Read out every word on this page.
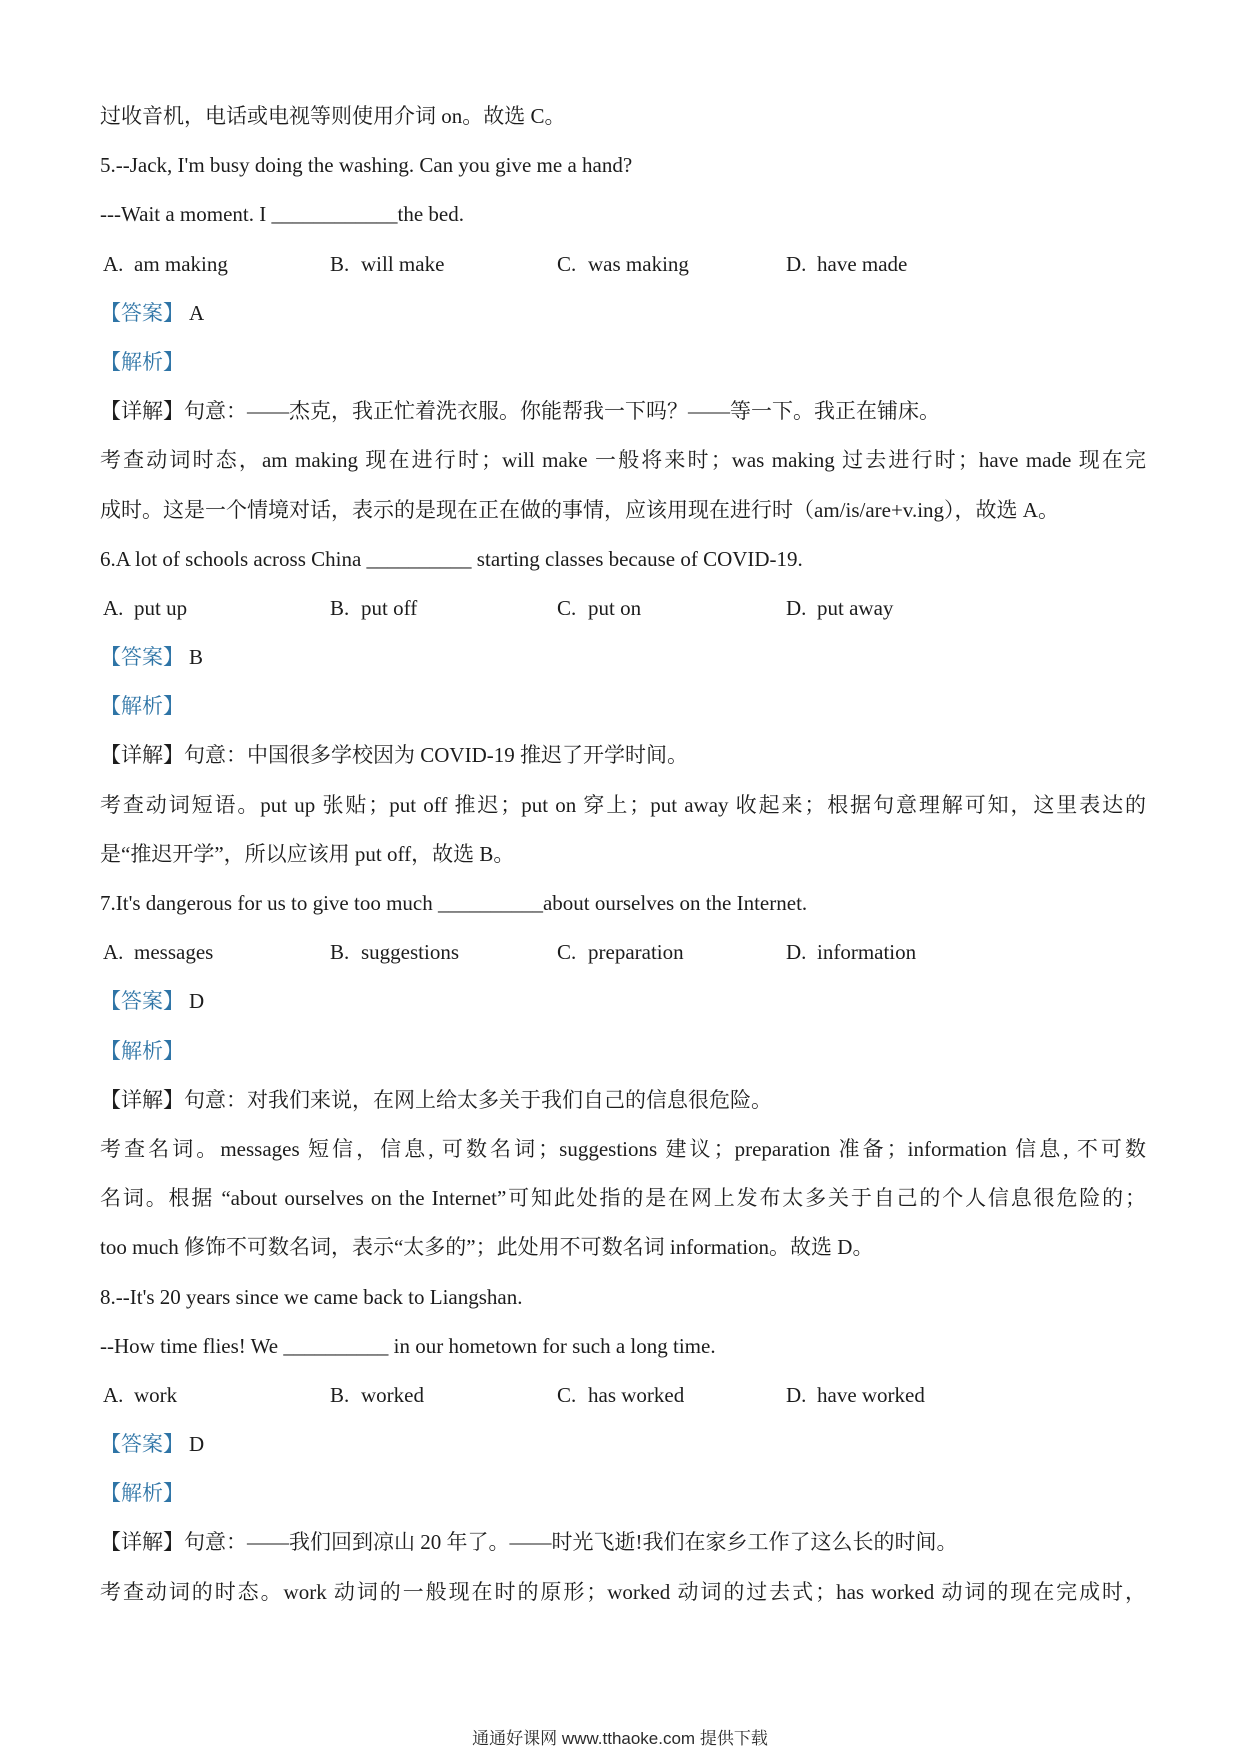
过收音机，电话或电视等则使用介词 on。故选 C。
5.--Jack, I'm busy doing the washing. Can you give me a hand?
---Wait a moment. I ____________the bed.
A. am making	B. will make	C. was making	D. have made
【答案】 A
【解析】
【详解】句意：——杰克，我正忙着洗衣服。你能帮我一下吗？——等一下。我正在铺床。
考查动词时态，am making 现在进行时；will make 一般将来时；was making 过去进行时；have made 现在完
成时。这是一个情境对话，表示的是现在正在做的事情，应该用现在进行时（am/is/are+v.ing），故选 A。
6.A lot of schools across China __________ starting classes because of COVID-19.
A. put up	B. put off	C. put on	D. put away
【答案】 B
【解析】
【详解】句意：中国很多学校因为 COVID-19 推迟了开学时间。
考查动词短语。put up 张贴；put off 推迟；put on 穿上；put away 收起来；根据句意理解可知，这里表达的
是“推迟开学”，所以应该用 put off，故选 B。
7.It's dangerous for us to give too much __________about ourselves on the Internet.
A. messages	B. suggestions	C. preparation	D. information
【答案】 D
【解析】
【详解】句意：对我们来说，在网上给太多关于我们自己的信息很危险。
考查名词。messages 短信，信息, 可数名词；suggestions 建议；preparation 准备；information 信息, 不可数
名词。根据 “about ourselves on the Internet”可知此处指的是在网上发布太多关于自己的个人信息很危险的；
too much 修饰不可数名词，表示“太多的”；此处用不可数名词 information。故选 D。
8.--It's 20 years since we came back to Liangshan.
--How time flies! We __________ in our hometown for such a long time.
A. work	B. worked	C. has worked	D. have worked
【答案】 D
【解析】
【详解】句意：——我们回到凉山 20 年了。——时光飞逝!我们在家乡工作了这么长的时间。
考查动词的时态。work 动词的一般现在时的原形；worked 动词的过去式；has worked 动词的现在完成时，
通通好课网 www.tthaoke.com 提供下载
